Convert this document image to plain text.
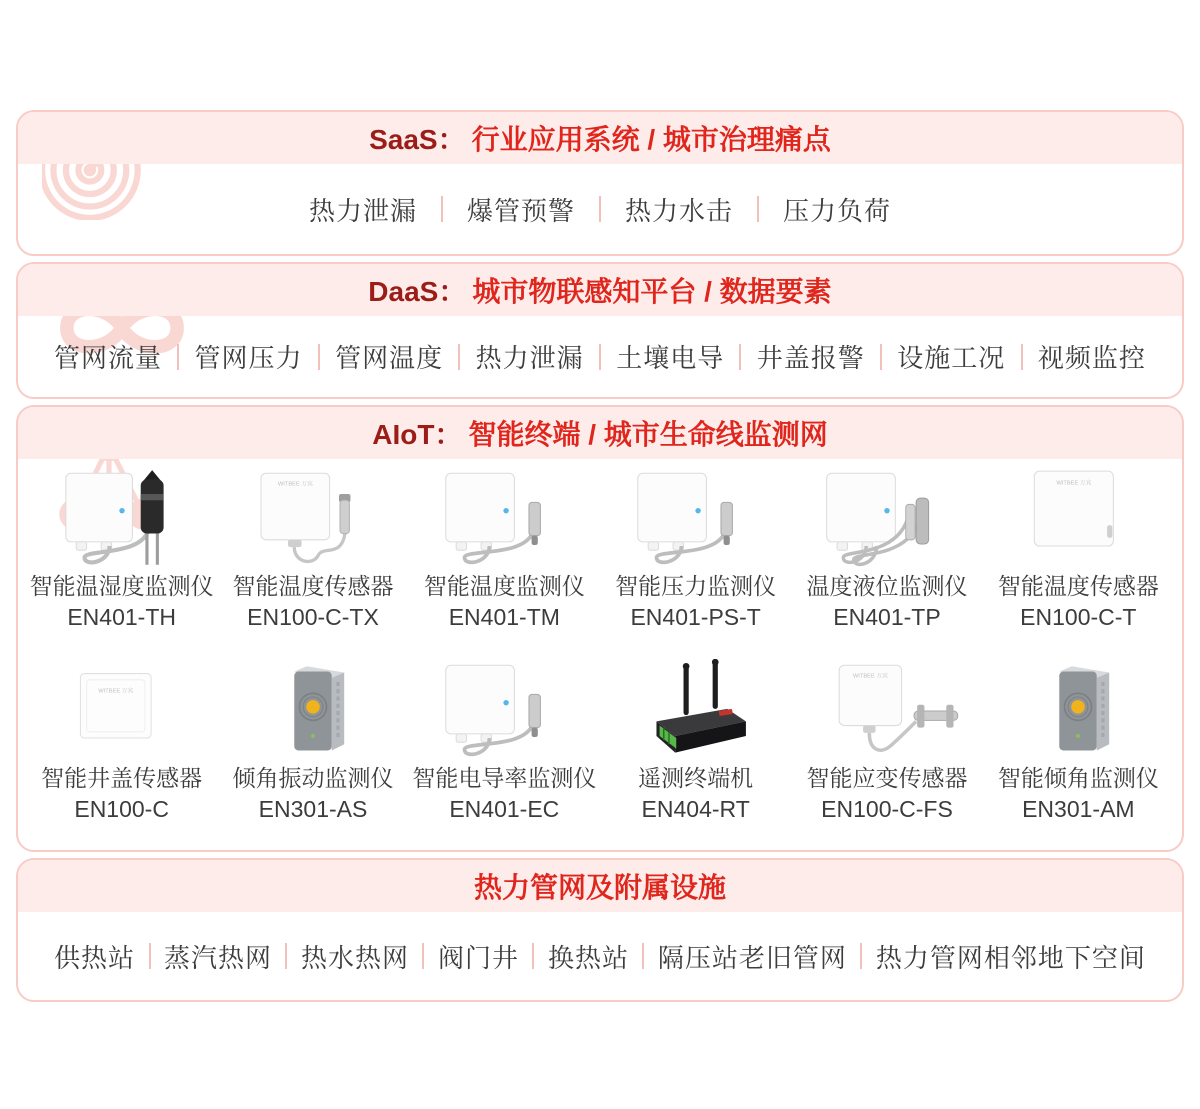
SaaS： 行业应用系统 / 城市治理痛点
热力泄漏	爆管预警	热力水击	压力负荷
DaaS： 城市物联感知平台 / 数据要素
管网流量 管网压力 管网温度 热力泄漏 土壤电导 井盖报警 设施工况 视频监控
AIoT： 智能终端 / 城市生命线监测网
智能温湿度监测仪
EN401-TH
WITBEE 万宾
智能温度传感器
EN100-C-TX
智能温度监测仪
EN401-TM
智能压力监测仪
EN401-PS-T
温度液位监测仪
EN401-TP
WITBEE 万宾
智能温度传感器
EN100-C-T
WITBEE 万宾
智能井盖传感器
EN100-C
倾角振动监测仪
EN301-AS
智能电导率监测仪
EN401-EC
遥测终端机
EN404-RT
WITBEE 万宾
智能应变传感器
EN100-C-FS
智能倾角监测仪
EN301-AM
热力管网及附属设施
供热站 蒸汽热网 热水热网 阀门井 换热站 隔压站老旧管网 热力管网相邻地下空间
